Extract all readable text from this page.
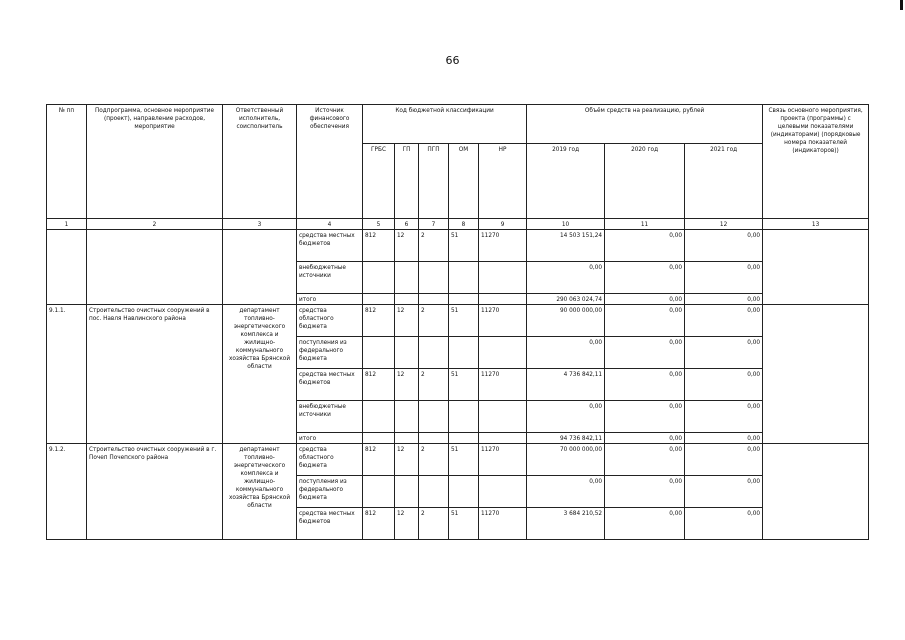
66
№ пп	Подпрограмма, основное мероприятие (проект), направление расходов, мероприятие	Ответственный исполнитель, соисполнитель	Источник финансового обеспечения	Код бюджетной классификации					Объём средств на реализацию, рублей			Связь основного мероприятия, проекта (программы) с целевыми показателями (индикаторами) (порядковые номера показателей (индикаторов))
				ГРБС	ГП	ПГП	ОМ	НР	2019 год	2020 год	2021 год	
1	2	3	4	5	6	7	8	9	10	11	12	13
			средства местных бюджетов	812	12	2	51	11270	14 503 151,24	0,00	0,00	
			внебюджетные источники						0,00	0,00	0,00	
			итого						290 063 024,74	0,00	0,00	
9.1.1.	Строительство очистных сооружений в пос. Навля Навлинского района	департамент топливно-энергетического комплекса и жилищно-коммунального хозяйства Брянской области	средства областного бюджета	812	12	2	51	11270	90 000 000,00	0,00	0,00	
			поступления из федерального бюджета						0,00	0,00	0,00	
			средства местных бюджетов	812	12	2	51	11270	4 736 842,11	0,00	0,00	
			внебюджетные источники						0,00	0,00	0,00	
			итого						94 736 842,11	0,00	0,00	
9.1.2.	Строительство очистных сооружений в г. Почеп Почепского района	департамент топливно-энергетического комплекса и жилищно-коммунального хозяйства Брянской области	средства областного бюджета	812	12	2	51	11270	70 000 000,00	0,00	0,00	
			поступления из федерального бюджета						0,00	0,00	0,00	
			средства местных бюджетов	812	12	2	51	11270	3 684 210,52	0,00	0,00	
